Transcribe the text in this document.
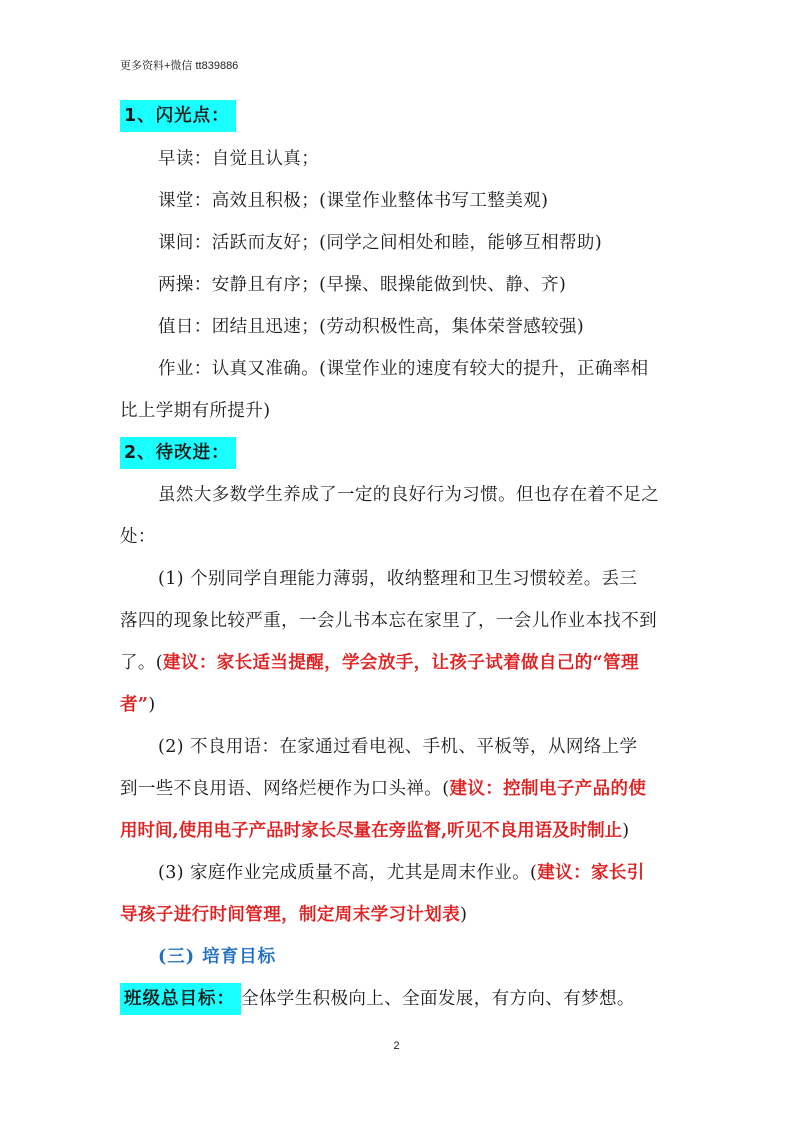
更多资料+微信 tt839886
1、闪光点：
早读：自觉且认真；
课堂：高效且积极；(课堂作业整体书写工整美观)
课间：活跃而友好；(同学之间相处和睦，能够互相帮助)
两操：安静且有序；(早操、眼操能做到快、静、齐)
值日：团结且迅速；(劳动积极性高，集体荣誉感较强)
作业：认真又准确。(课堂作业的速度有较大的提升，正确率相
比上学期有所提升)
2、待改进：
虽然大多数学生养成了一定的良好行为习惯。但也存在着不足之
处：
(1) 个别同学自理能力薄弱，收纳整理和卫生习惯较差。丢三
落四的现象比较严重，一会儿书本忘在家里了，一会儿作业本找不到
了。(建议：家长适当提醒，学会放手，让孩子试着做自己的“管理
者”)
(2) 不良用语：在家通过看电视、手机、平板等，从网络上学
到一些不良用语、网络烂梗作为口头禅。(建议：控制电子产品的使
用时间,使用电子产品时家长尽量在旁监督,听见不良用语及时制止)
(3) 家庭作业完成质量不高，尤其是周末作业。(建议：家长引
导孩子进行时间管理，制定周末学习计划表)
(三) 培育目标
班级总目标： 全体学生积极向上、全面发展，有方向、有梦想。
2
